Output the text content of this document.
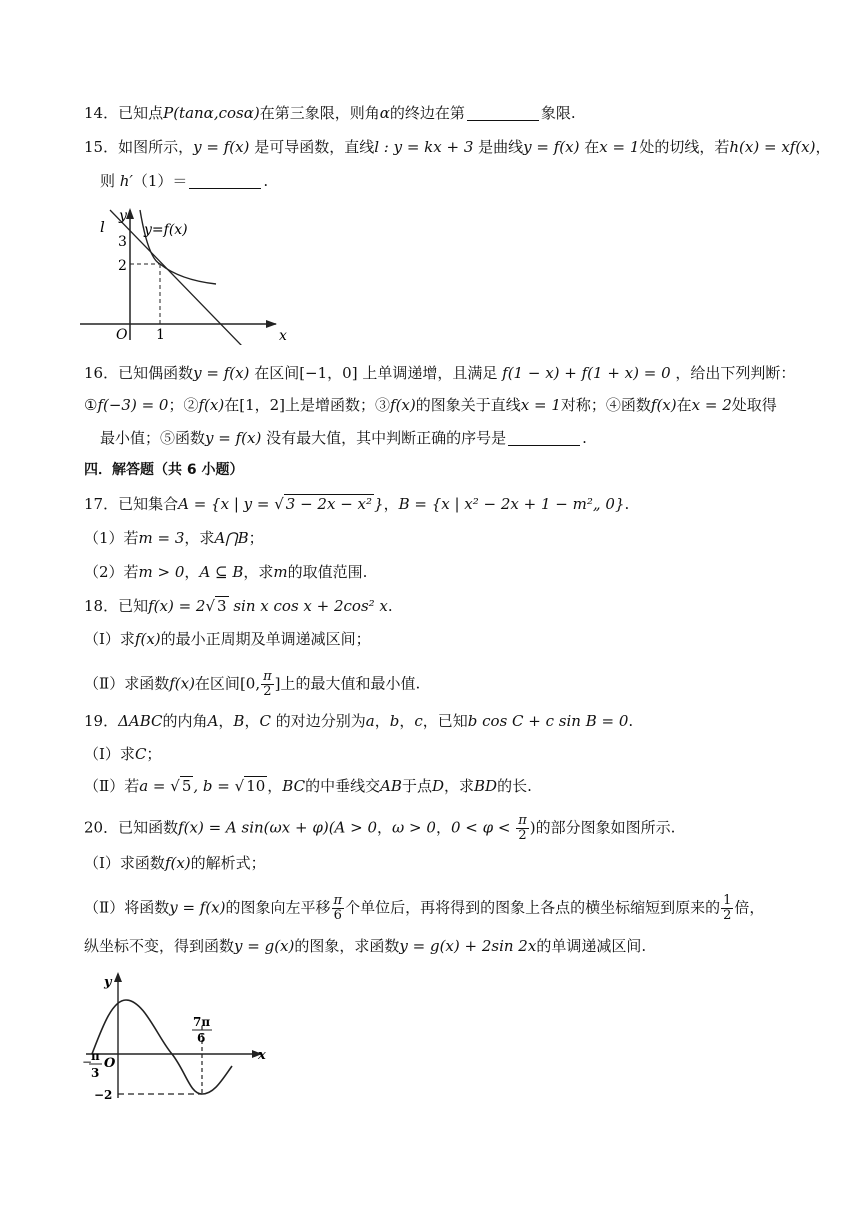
14．已知点P(tanα,cosα)在第三象限，则角α的终边在第	象限.
15．如图所示，y = f(x) 是可导函数，直线l : y = kx + 3 是曲线y = f(x) 在x = 1处的切线，若h(x) = xf(x)，
则 h′（1）＝	.
l
y
y=f(x)
3
2
O 1	x
16．已知偶函数y = f(x) 在区间[−1，0] 上单调递增，且满足 f(1 − x) + f(1 + x) = 0 ，给出下列判断：
①f(−3) = 0；②f(x)在[1，2]上是增函数；③f(x)的图象关于直线x = 1对称；④函数f(x)在x = 2处取得
最小值；⑤函数y = f(x) 没有最大值，其中判断正确的序号是	.
四．解答题（共 6 小题）
17．已知集合A = {x | y = √ 3 − 2x − x² }，B = {x | x² − 2x + 1 − m²„ 0}.
（1）若m = 3，求A⋂B；
（2）若m > 0，A ⊆ B，求m的取值范围.
18．已知f(x) = 2√ 3 sin x cos x + 2cos² x.
（Ⅰ）求f(x)的最小正周期及单调递减区间；
（Ⅱ）求函数f(x)在区间[0, $\frac{\pi}{2}$ ]上的最大值和最小值.
19．ΔABC的内角A，B，C 的对边分别为a，b，c，已知b cos C + c sin B = 0.
（Ⅰ）求C；
（Ⅱ）若a = √ 5 , b = √ 10 ，BC的中垂线交AB于点D，求BD的长.
20．已知函数f(x) = A sin(ωx + φ)(A > 0，ω > 0，$0 < \varphi < \frac{\pi}{2}$ )的部分图象如图所示.
（Ⅰ）求函数f(x)的解析式；
（Ⅱ）将函数y = f(x)的图象向左平移 $\frac{\pi}{6}$ 个单位后，再将得到的图象上各点的横坐标缩短到原来的 $\frac{1}{2}$ 倍，
纵坐标不变，得到函数y = g(x)的图象，求函数y = g(x) + 2sin 2x的单调递减区间.
y
O
x
7π
6
−
π
3
−2
